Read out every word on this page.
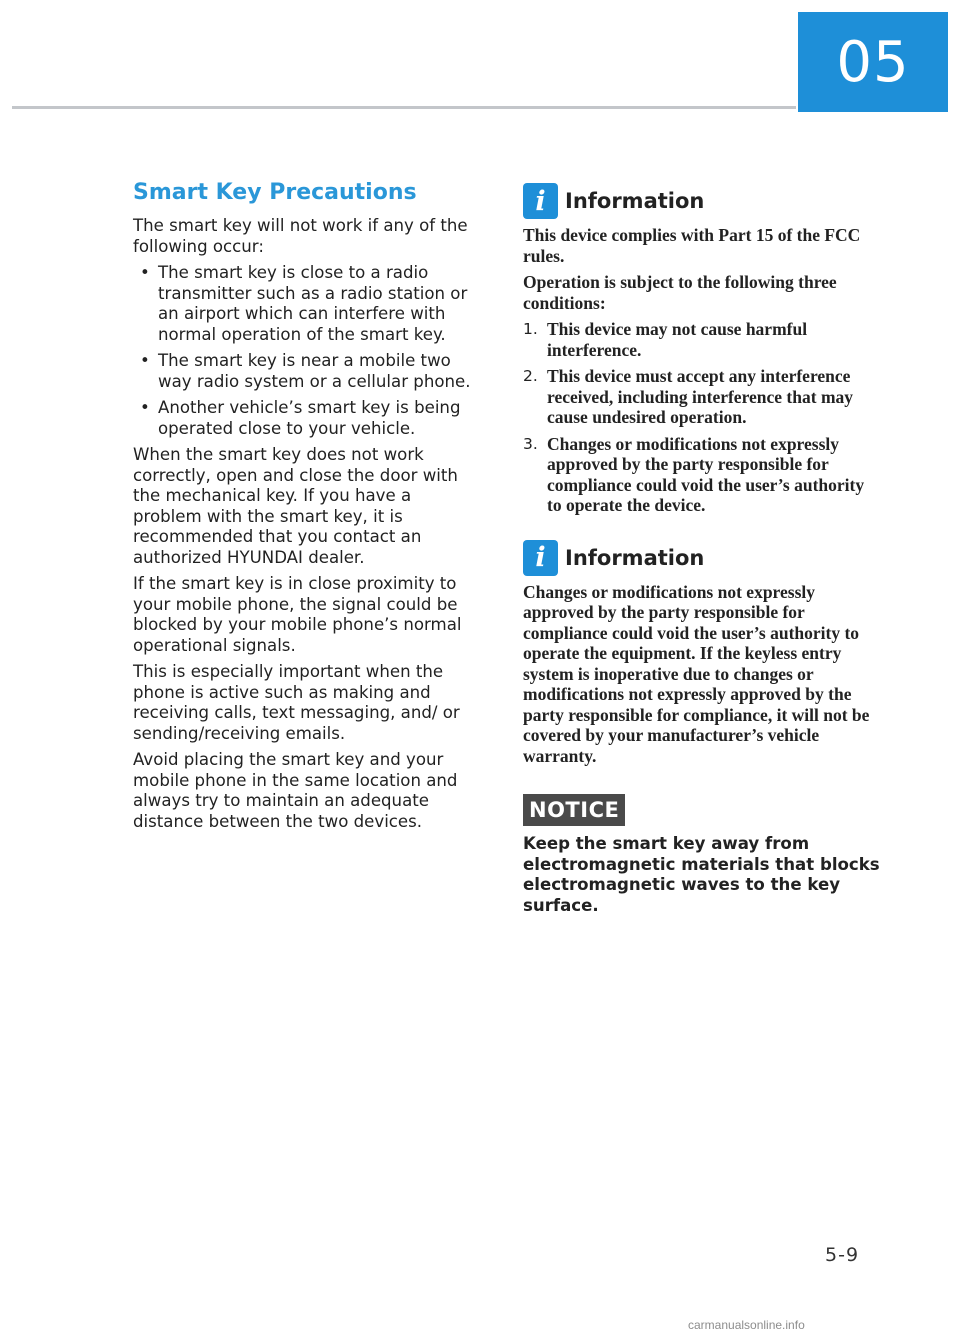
05
Smart Key Precautions

The smart key will not work if any of the following occur:

• The smart key is close to a radio transmitter such as a radio station or an airport which can interfere with normal operation of the smart key.
• The smart key is near a mobile two way radio system or a cellular phone.
• Another vehicle’s smart key is being operated close to your vehicle.

When the smart key does not work correctly, open and close the door with the mechanical key. If you have a problem with the smart key, it is recommended that you contact an authorized HYUNDAI dealer.

If the smart key is in close proximity to your mobile phone, the signal could be blocked by your mobile phone’s normal operational signals.

This is especially important when the phone is active such as making and receiving calls, text messaging, and/ or sending/receiving emails.

Avoid placing the smart key and your mobile phone in the same location and always try to maintain an adequate distance between the two devices.

i Information

This device complies with Part 15 of the FCC rules.

Operation is subject to the following three conditions:

1. This device may not cause harmful interference.
2. This device must accept any interference received, including interference that may cause undesired operation.
3. Changes or modifications not expressly approved by the party responsible for compliance could void the user’s authority to operate the device.
i Information

Changes or modifications not expressly approved by the party responsible for compliance could void the user’s authority to operate the equipment. If the keyless entry system is inoperative due to changes or modifications not expressly approved by the party responsible for compliance, it will not be covered by your manufacturer’s vehicle warranty.

NOTICE

Keep the smart key away from electromagnetic materials that blocks electromagnetic waves to the key surface.

5-9
carmanualsonline.info
